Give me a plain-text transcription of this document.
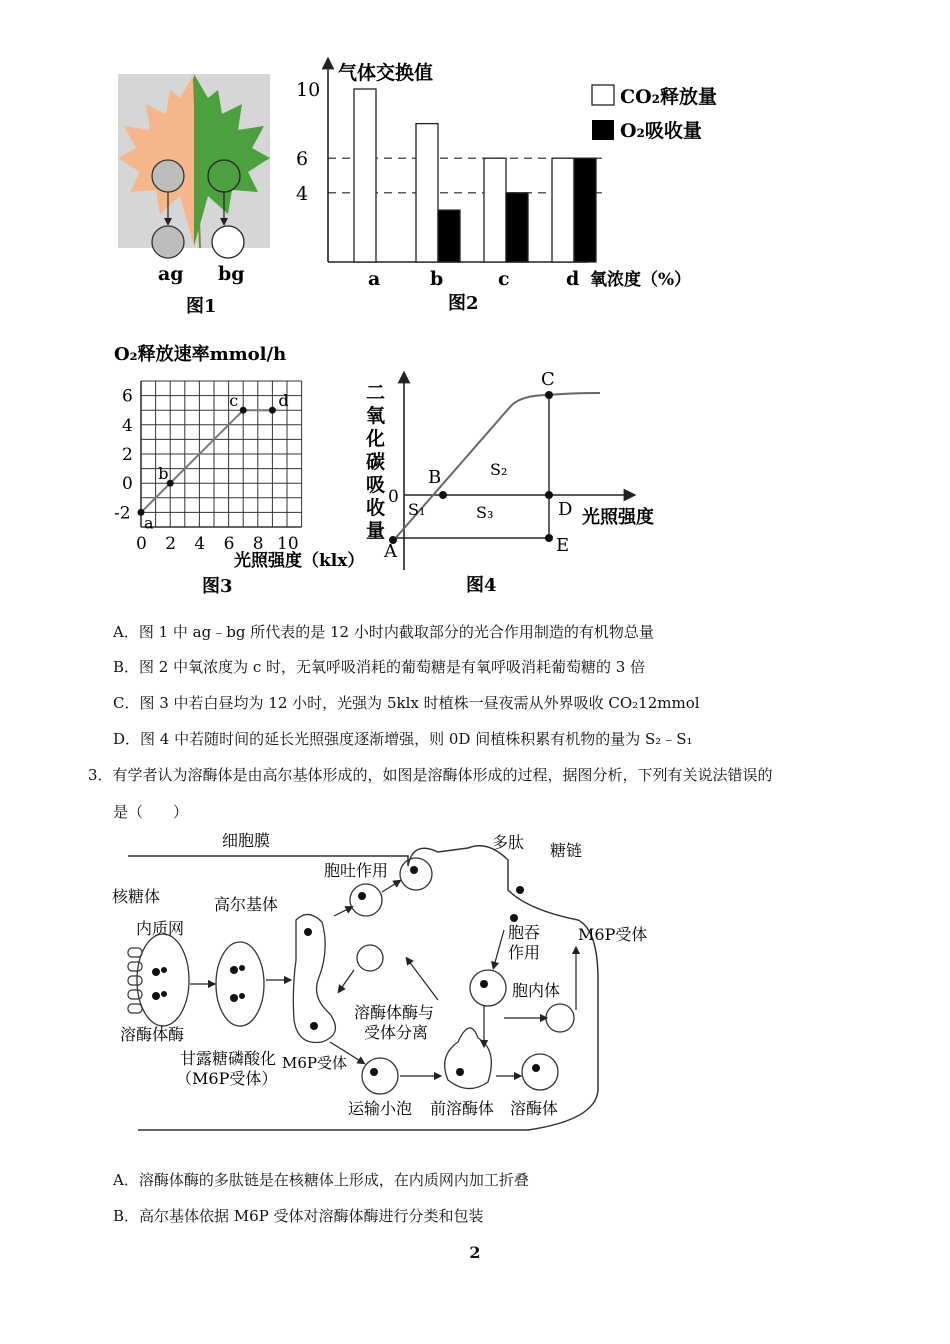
ag bg
图1
气体交换值
10
6
4
a	b	c	d 氧浓度（%）
CO₂释放量
O₂吸收量
图2
O₂释放速率mmol/h
0 2 4 6 8 10
6
4
2
0
-2 a
b
c	d
光照强度（klx）
图3
二
氧
化
碳
吸
收
量
0
A
B
C
D
E
S₁
S₂
S₃	光照强度
图4
A．图 1 中 ag﹣bg 所代表的是 12 小时内截取部分的光合作用制造的有机物总量
B．图 2 中氧浓度为 c 时，无氧呼吸消耗的葡萄糖是有氧呼吸消耗葡萄糖的 3 倍
C．图 3 中若白昼均为 12 小时，光强为 5klx 时植株一昼夜需从外界吸收 CO₂12mmol
D．图 4 中若随时间的延长光照强度逐渐增强，则 0D 间植株积累有机物的量为 S₂﹣S₁
3．有学者认为溶酶体是由高尔基体形成的，如图是溶酶体形成的过程，据图分析，下列有关说法错误的
是（　　）
细胞膜
胞吐作用
多肽 糖链
核糖体
内质网
高尔基体
胞吞
作用
M6P受体
胞内体
溶酶体酶
溶酶体酶与
受体分离
甘露糖磷酸化
（M6P受体）
M6P受体
运输小泡 前溶酶体 溶酶体
A．溶酶体酶的多肽链是在核糖体上形成，在内质网内加工折叠
B．高尔基体依据 M6P 受体对溶酶体酶进行分类和包装
2
